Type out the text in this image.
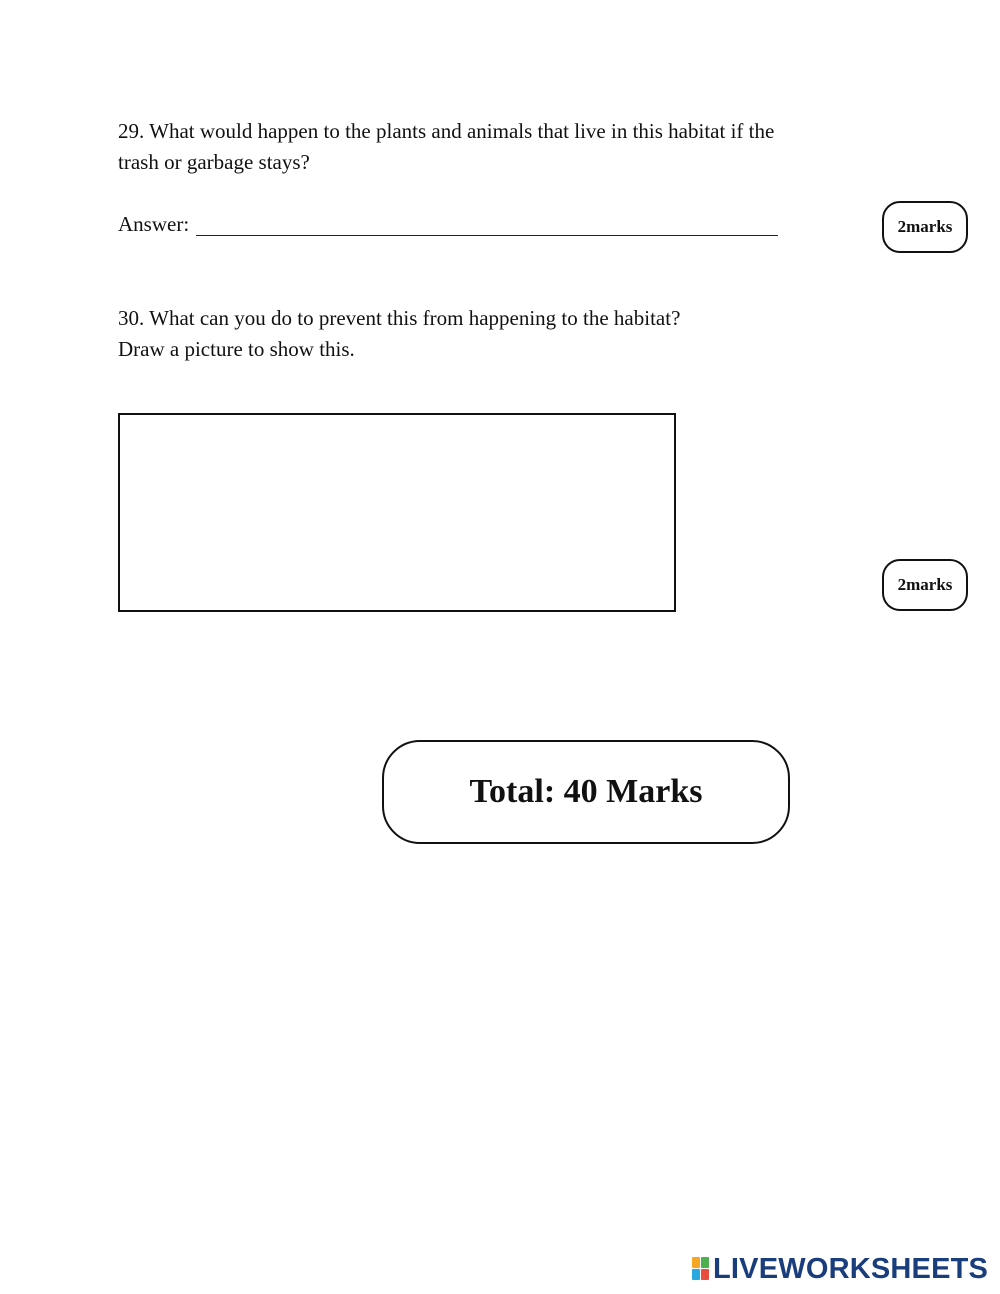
29. What would happen to the plants and animals that live in this habitat if the

trash or garbage stays?

Answer:	2marks

30. What can you do to prevent this from happening to the habitat?

Draw a picture to show this.

2marks
Total: 40 Marks
LIVEWORKSHEETS
